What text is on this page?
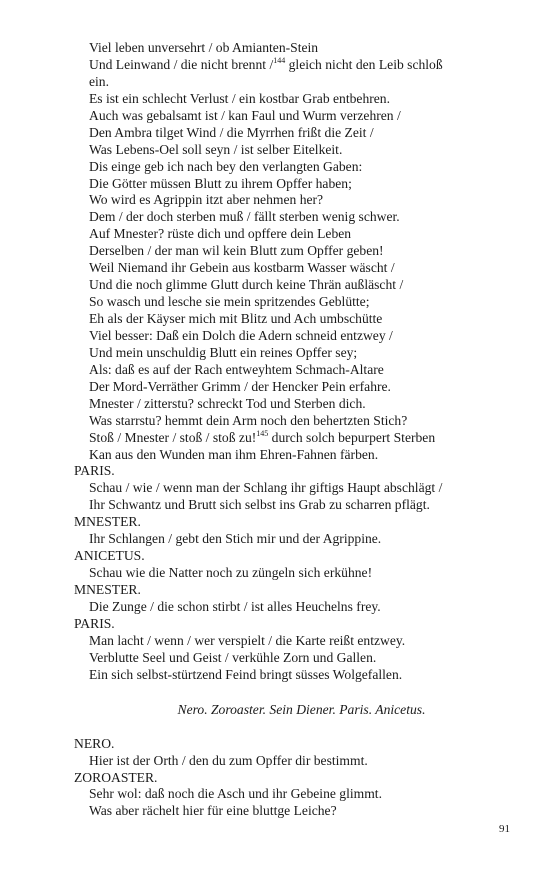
Viel leben unversehrt / ob Amianten-Stein
Und Leinwand / die nicht brennt /$^{144}$ gleich nicht den Leib schloß
ein.
Es ist ein schlecht Verlust / ein kostbar Grab entbehren.
Auch was gebalsamt ist / kan Faul und Wurm verzehren /
Den Ambra tilget Wind / die Myrrhen frißt die Zeit /
Was Lebens-Oel soll seyn / ist selber Eitelkeit.
Dis einge geb ich nach bey den verlangten Gaben:
Die Götter müssen Blutt zu ihrem Opffer haben;
Wo wird es Agrippin itzt aber nehmen her?
Dem / der doch sterben muß / fällt sterben wenig schwer.
Auf Mnester? rüste dich und opffere dein Leben
Derselben / der man wil kein Blutt zum Opffer geben!
Weil Niemand ihr Gebein aus kostbarm Wasser wäscht /
Und die noch glimme Glutt durch keine Thrän außläscht /
So wasch und lesche sie mein spritzendes Geblütte;
Eh als der Käyser mich mit Blitz und Ach umbschütte
Viel besser: Daß ein Dolch die Adern schneid entzwey /
Und mein unschuldig Blutt ein reines Opffer sey;
Als: daß es auf der Rach entweyhtem Schmach-Altare
Der Mord-Verräther Grimm / der Hencker Pein erfahre.
Mnester / zitterstu? schreckt Tod und Sterben dich.
Was starrstu? hemmt dein Arm noch den behertzten Stich?
Stoß / Mnester / stoß / stoß zu!$^{145}$ durch solch bepurpert Sterben
Kan aus den Wunden man ihm Ehren-Fahnen färben.
PARIS.
Schau / wie / wenn man der Schlang ihr giftigs Haupt abschlägt /
Ihr Schwantz und Brutt sich selbst ins Grab zu scharren pflägt.
MNESTER.
Ihr Schlangen / gebt den Stich mir und der Agrippine.
ANICETUS.
Schau wie die Natter noch zu züngeln sich erkühne!
MNESTER.
Die Zunge / die schon stirbt / ist alles Heuchelns frey.
PARIS.
Man lacht / wenn / wer verspielt / die Karte reißt entzwey.
Verblutte Seel und Geist / verkühle Zorn und Gallen.
Ein sich selbst-stürtzend Feind bringt süsses Wolgefallen.
Nero. Zoroaster. Sein Diener. Paris. Anicetus.
NERO.
Hier ist der Orth / den du zum Opffer dir bestimmt.
ZOROASTER.
Sehr wol: daß noch die Asch und ihr Gebeine glimmt.
Was aber rächelt hier für eine bluttge Leiche?
91
